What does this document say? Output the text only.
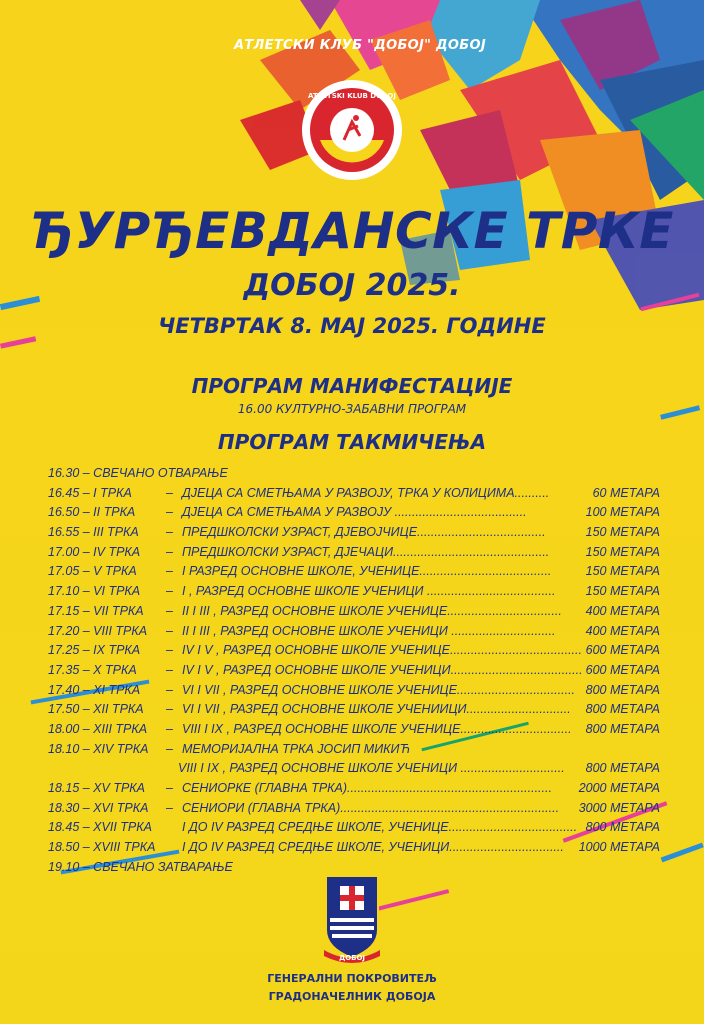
АТЛЕТСКИ КЛУБ "ДОБОЈ" ДОБОЈ
ATLETSKI KLUB DOBOJ
ЂУРЂЕВДАНСКЕ ТРКЕ
ДОБОЈ 2025.
ЧЕТВРТАК 8. МАЈ 2025. ГОДИНЕ
ПРОГРАМ МАНИФЕСТАЦИЈЕ
16.00 КУЛТУРНО-ЗАБАВНИ ПРОГРАМ
ПРОГРАМ ТАКМИЧЕЊА
16.30 – СВЕЧАНО ОТВАРАЊЕ
16.45 – I ТРКА	– ДЈЕЦА СА СМЕТЊАМА У РАЗВОЈУ, ТРКА У КОЛИЦИМА..........	60 МЕТАРА
16.50 – II ТРКА – ДЈЕЦА СА СМЕТЊАМА У РАЗВОЈУ ......................................	100 МЕТАРА
16.55 – III ТРКА – ПРЕДШКОЛСКИ УЗРАСТ, ДЈЕВОЈЧИЦЕ.....................................	150 МЕТАРА
17.00 – IV ТРКА – ПРЕДШКОЛСКИ УЗРАСТ, ДЈЕЧАЦИ.............................................	150 МЕТАРА
17.05 – V ТРКА – I РАЗРЕД ОСНОВНЕ ШКОЛЕ, УЧЕНИЦЕ......................................	150 МЕТАРА
17.10 – VI ТРКА – I , РАЗРЕД ОСНОВНЕ ШКОЛЕ УЧЕНИЦИ ..................................... 150 МЕТАРА
17.15 – VII ТРКА – II I III , РАЗРЕД ОСНОВНЕ ШКОЛЕ УЧЕНИЦЕ................................. 400 МЕТАРА
17.20 – VIII ТРКА – II I III , РАЗРЕД ОСНОВНЕ ШКОЛЕ УЧЕНИЦИ .............................. 400 МЕТАРА
17.25 – IX ТРКА – IV I V , РАЗРЕД ОСНОВНЕ ШКОЛЕ УЧЕНИЦЕ...................................... 600 МЕТАРА
17.35 – X ТРКА – IV I V , РАЗРЕД ОСНОВНЕ ШКОЛЕ УЧЕНИЦИ...................................... 600 МЕТАРА
17.40 – XI ТРКА – VI I VII , РАЗРЕД ОСНОВНЕ ШКОЛЕ УЧЕНИЦЕ.................................. 800 МЕТАРА
17.50 – XII ТРКА – VI I VII , РАЗРЕД ОСНОВНЕ ШКОЛЕ УЧЕНИИЦИ.............................. 800 МЕТАРА
18.00 – XIII ТРКА – VIII I IX , РАЗРЕД ОСНОВНЕ ШКОЛЕ УЧЕНИЦЕ................................ 800 МЕТАРА
18.10 – XIV ТРКА – МЕМОРИЈАЛНА ТРКА ЈОСИП МИКИЋ
VIII I IX , РАЗРЕД ОСНОВНЕ ШКОЛЕ УЧЕНИЦИ .............................. 800 МЕТАРА
18.15 – XV ТРКА – СЕНИОРКЕ (ГЛАВНА ТРКА)........................................................... 2000 МЕТАРА
18.30 – XVI ТРКА – СЕНИОРИ (ГЛАВНА ТРКА)............................................................... 3000 МЕТАРА
18.45 – XVII ТРКА I ДО IV РАЗРЕД СРЕДЊЕ ШКОЛЕ, УЧЕНИЦЕ..................................... 800 МЕТАРА
18.50 – XVIII ТРКА I ДО IV РАЗРЕД СРЕДЊЕ ШКОЛЕ, УЧЕНИЦИ................................. 1000 МЕТАРА
19.10 – СВЕЧАНО ЗАТВАРАЊЕ
ДОБОЈ
ГЕНЕРАЛНИ ПОКРОВИТЕЉ
ГРАДОНАЧЕЛНИК ДОБОЈА
